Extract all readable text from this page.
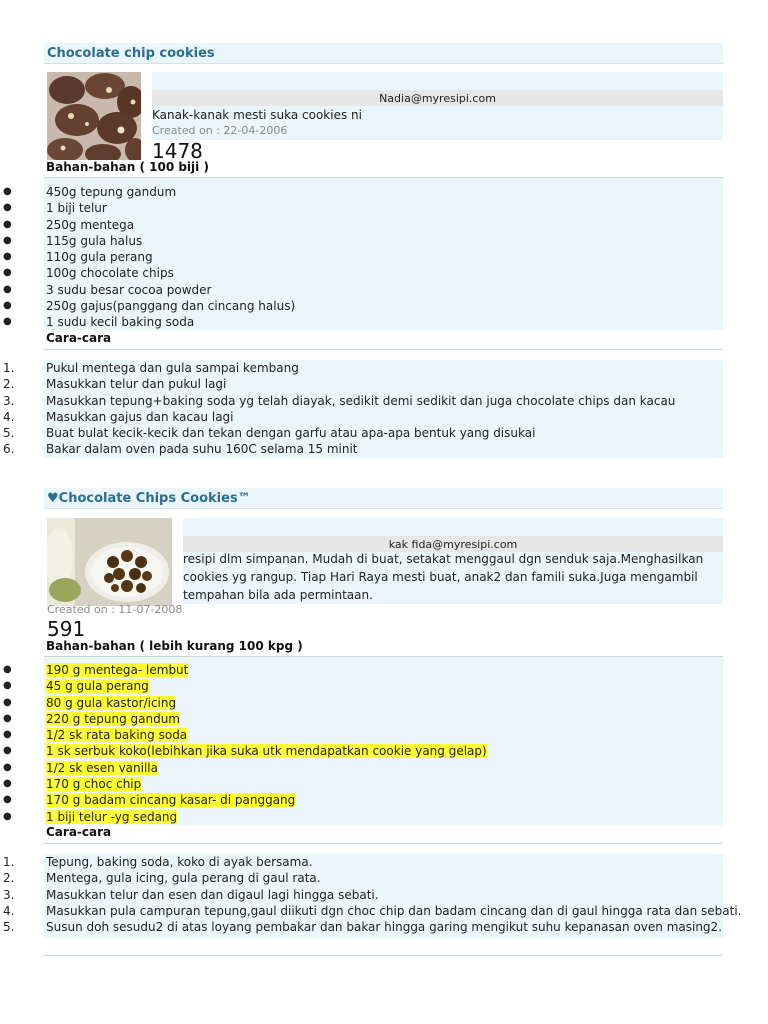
Chocolate chip cookies
Nadia@myresipi.com
Kanak-kanak mesti suka cookies ni
Created on : 22-04-2006
1478
Bahan-bahan ( 100 biji )
●	450g tepung gandum
●	1 biji telur
●	250g mentega
●	115g gula halus
●	110g gula perang
●	100g chocolate chips
●	3 sudu besar cocoa powder
●	250g gajus(panggang dan cincang halus)
●	1 sudu kecil baking soda
Cara-cara
1.	Pukul mentega dan gula sampai kembang
2.	Masukkan telur dan pukul lagi
3.	Masukkan tepung+baking soda yg telah diayak, sedikit demi sedikit dan juga chocolate chips dan kacau
4.	Masukkan gajus dan kacau lagi
5.	Buat bulat kecik-kecik dan tekan dengan garfu atau apa-apa bentuk yang disukai
6.	Bakar dalam oven pada suhu 160C selama 15 minit
♥Chocolate Chips Cookies™
kak fida@myresipi.com
resipi dlm simpanan. Mudah di buat, setakat menggaul dgn senduk saja.Menghasilkan
cookies yg rangup. Tiap Hari Raya mesti buat, anak2 dan famili suka.Juga mengambil
tempahan bila ada permintaan.
Created on : 11-07-2008
591
Bahan-bahan ( lebih kurang 100 kpg )
●	190 g mentega- lembut
●	45 g gula perang
●	80 g gula kastor/icing
●	220 g tepung gandum
●	1/2 sk rata baking soda
●	1 sk serbuk koko(lebihkan jika suka utk mendapatkan cookie yang gelap)
●	1/2 sk esen vanilla
●	170 g choc chip
●	170 g badam cincang kasar- di panggang
●	1 biji telur -yg sedang
Cara-cara
1.	Tepung, baking soda, koko di ayak bersama.
2.	Mentega, gula icing, gula perang di gaul rata.
3.	Masukkan telur dan esen dan digaul lagi hingga sebati.
4.	Masukkan pula campuran tepung,gaul diikuti dgn choc chip dan badam cincang dan di gaul hingga rata dan sebati.
5.	Susun doh sesudu2 di atas loyang pembakar dan bakar hingga garing mengikut suhu kepanasan oven masing2.
